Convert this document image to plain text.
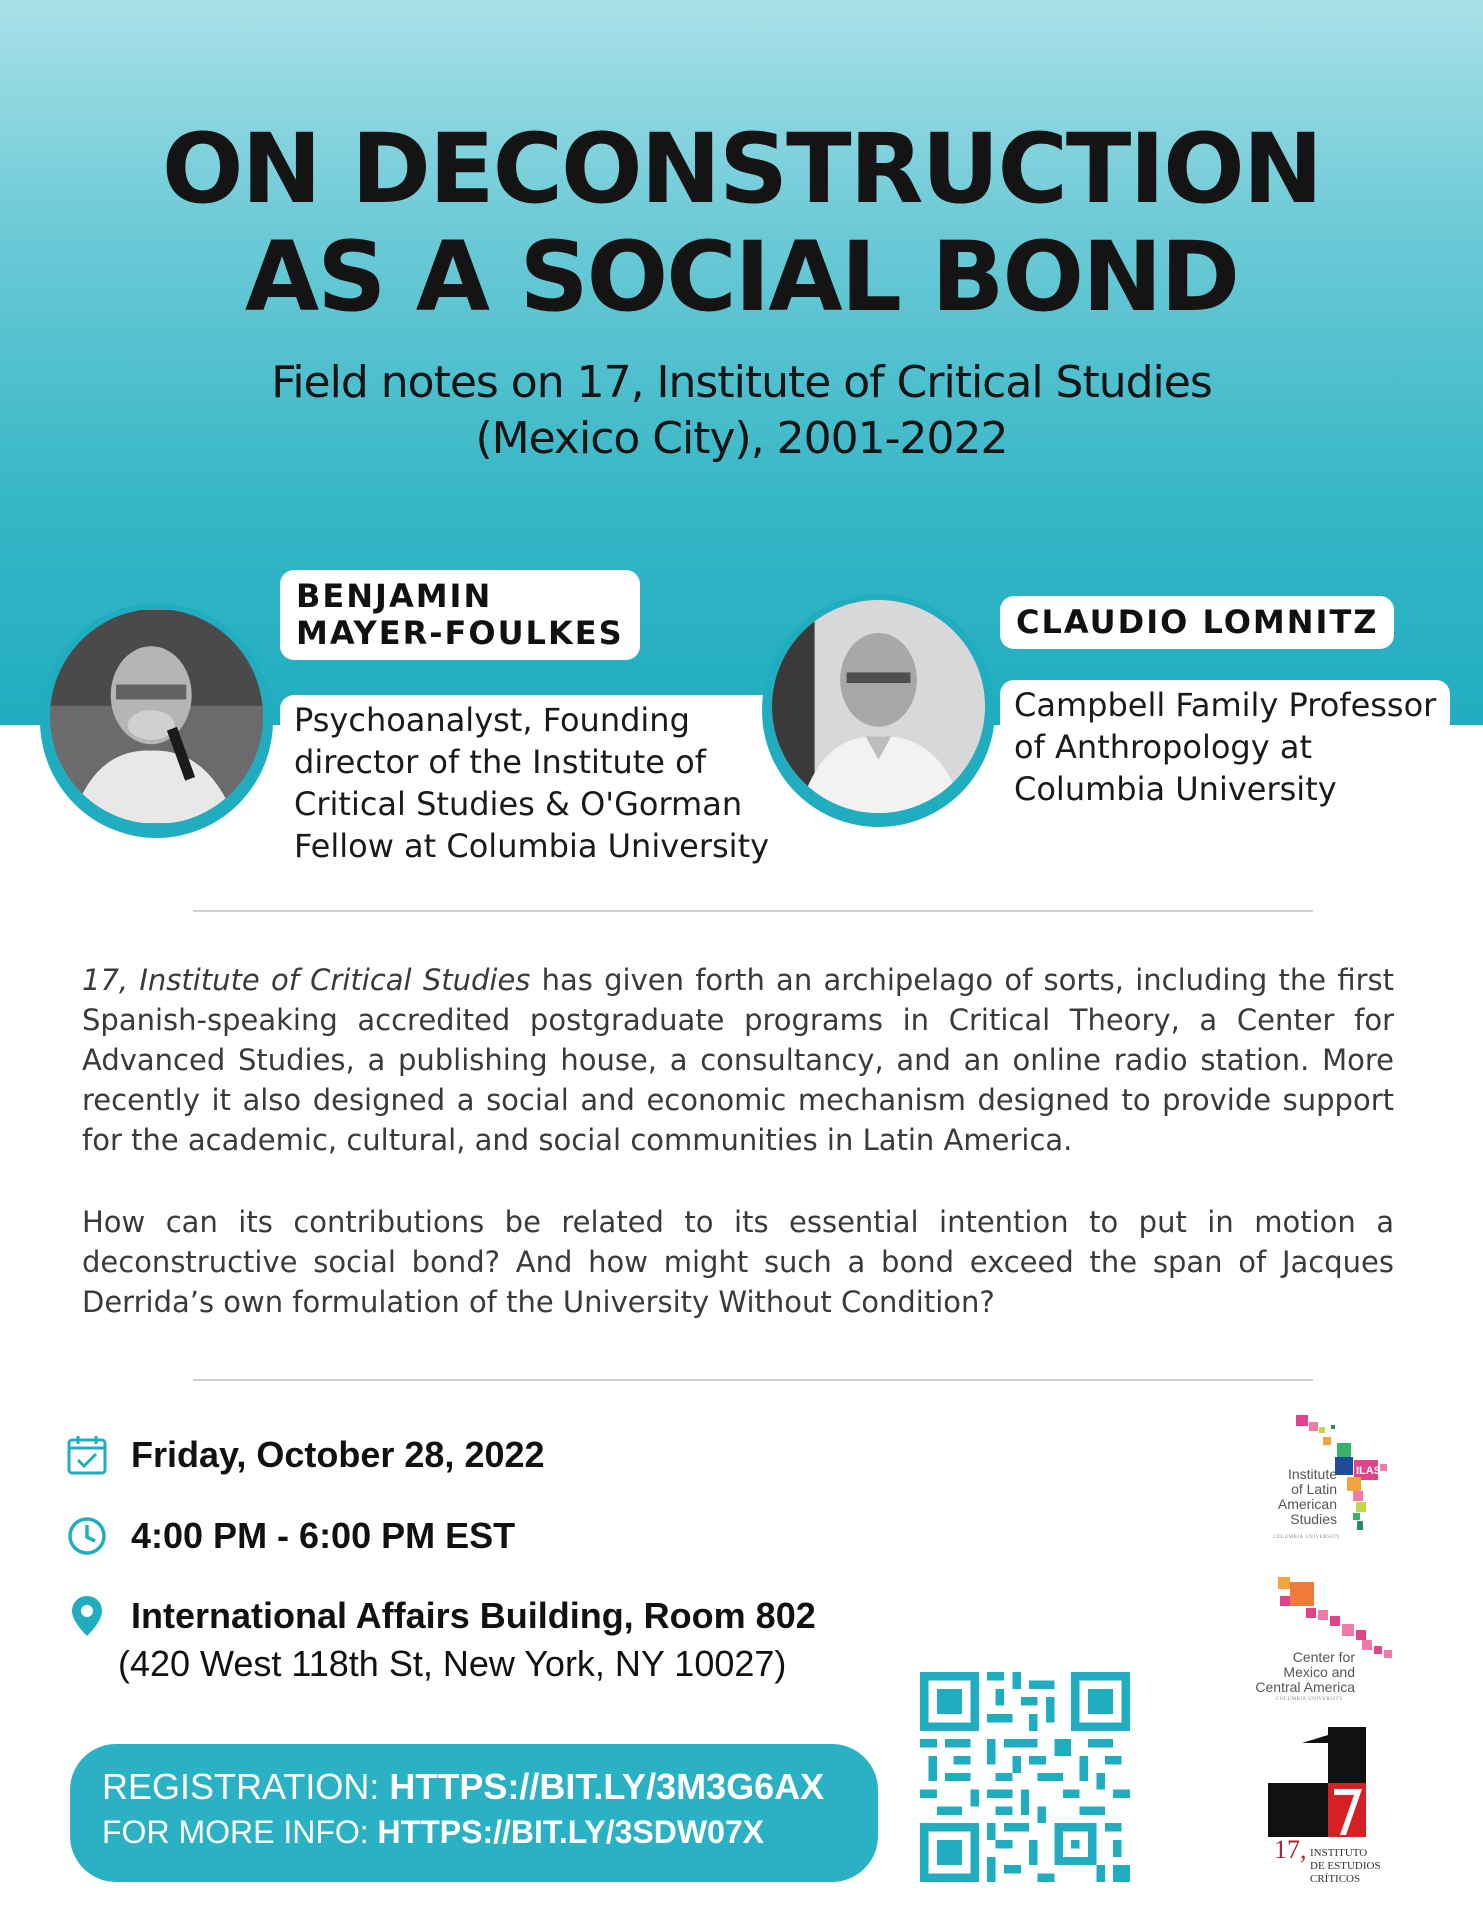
ON DECONSTRUCTION
AS A SOCIAL BOND
Field notes on 17, Institute of Critical Studies
(Mexico City), 2001-2022
BENJAMIN
MAYER-FOULKES
Psychoanalyst, Founding
director of the Institute of
Critical Studies & O'Gorman
Fellow at Columbia University
CLAUDIO LOMNITZ
Campbell Family Professor
of Anthropology at
Columbia University

17, Institute of Critical Studies has given forth an archipelago of sorts, including the first Spanish-speaking accredited postgraduate programs in Critical Theory, a Center for Advanced Studies, a publishing house, a consultancy, and an online radio station. More recently it also designed a social and economic mechanism designed to provide support for the academic, cultural, and social communities in Latin America.

How can its contributions be related to its essential intention to put in motion a deconstructive social bond? And how might such a bond exceed the span of Jacques Derrida’s own formulation of the University Without Condition?

Friday, October 28, 2022
4:00 PM - 6:00 PM EST
International Affairs Building, Room 802
(420 West 118th St, New York, NY 10027)
REGISTRATION: HTTPS://BIT.LY/3M3G6AX
FOR MORE INFO: HTTPS://BIT.LY/3SDW07X
ILAS
Institute
of Latin
American
Studies
COLUMBIA UNIVERSITY
Center for
Mexico and
Central America
COLUMBIA UNIVERSITY
17, INSTITUTO
DE ESTUDIOS
CRÍTICOS
